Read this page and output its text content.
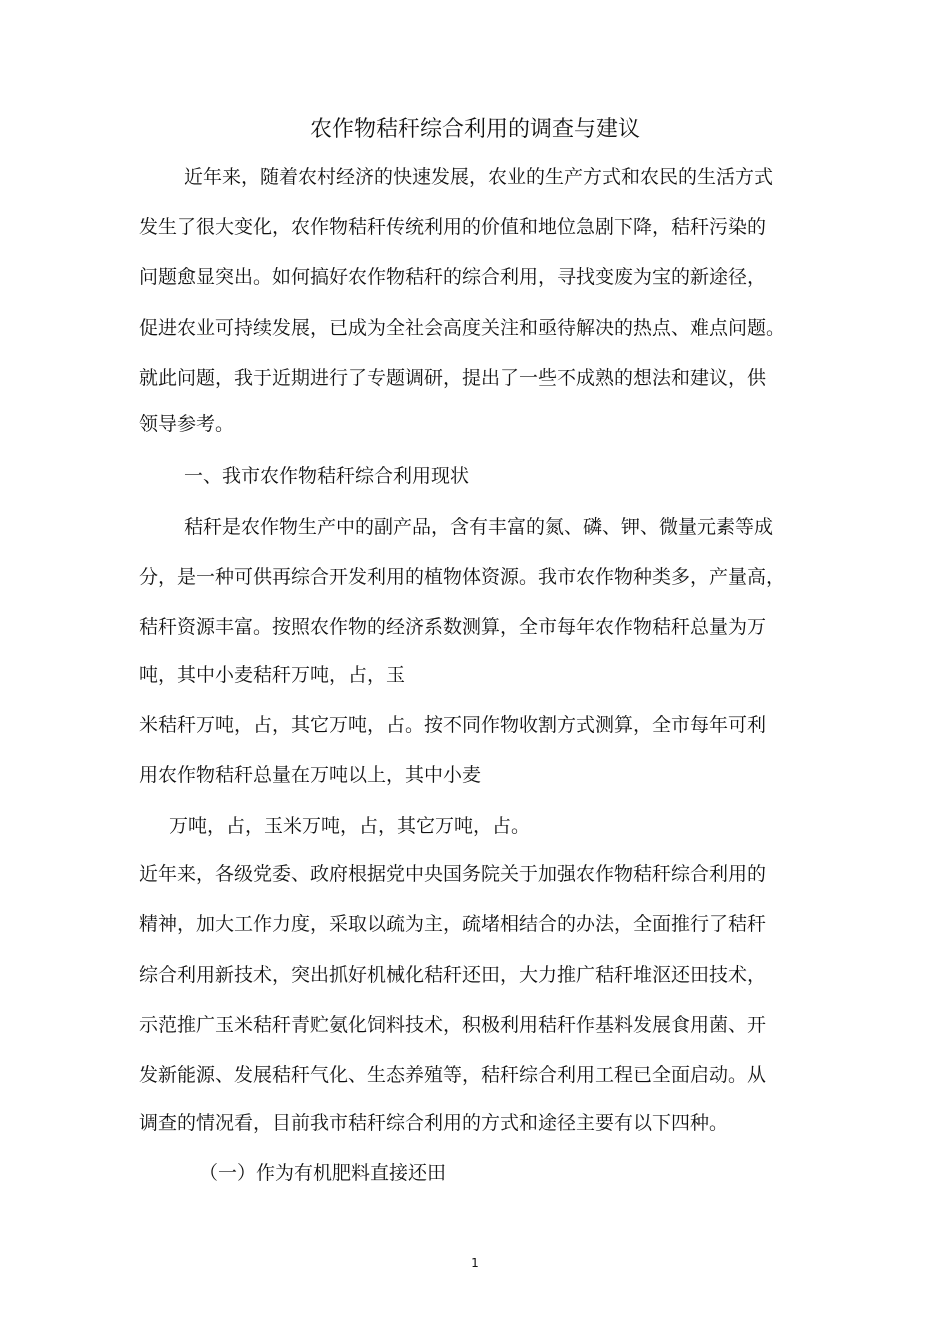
农作物秸秆综合利用的调查与建议
近年来，随着农村经济的快速发展，农业的生产方式和农民的生活方式
发生了很大变化，农作物秸秆传统利用的价值和地位急剧下降，秸秆污染的
问题愈显突出。如何搞好农作物秸秆的综合利用，寻找变废为宝的新途径，
促进农业可持续发展，已成为全社会高度关注和亟待解决的热点、难点问题。
就此问题，我于近期进行了专题调研，提出了一些不成熟的想法和建议，供
领导参考。
一、我市农作物秸秆综合利用现状
秸秆是农作物生产中的副产品，含有丰富的氮、磷、钾、微量元素等成
分，是一种可供再综合开发利用的植物体资源。我市农作物种类多，产量高，
秸秆资源丰富。按照农作物的经济系数测算，全市每年农作物秸秆总量为万
吨，其中小麦秸秆万吨，占，玉
米秸秆万吨，占，其它万吨，占。按不同作物收割方式测算，全市每年可利
用农作物秸秆总量在万吨以上，其中小麦
万吨，占，玉米万吨，占，其它万吨，占。
近年来，各级党委、政府根据党中央国务院关于加强农作物秸秆综合利用的
精神，加大工作力度，采取以疏为主，疏堵相结合的办法，全面推行了秸秆
综合利用新技术，突出抓好机械化秸秆还田，大力推广秸秆堆沤还田技术，
示范推广玉米秸秆青贮氨化饲料技术，积极利用秸秆作基料发展食用菌、开
发新能源、发展秸秆气化、生态养殖等，秸秆综合利用工程已全面启动。从
调查的情况看，目前我市秸秆综合利用的方式和途径主要有以下四种。
（一）作为有机肥料直接还田
1
